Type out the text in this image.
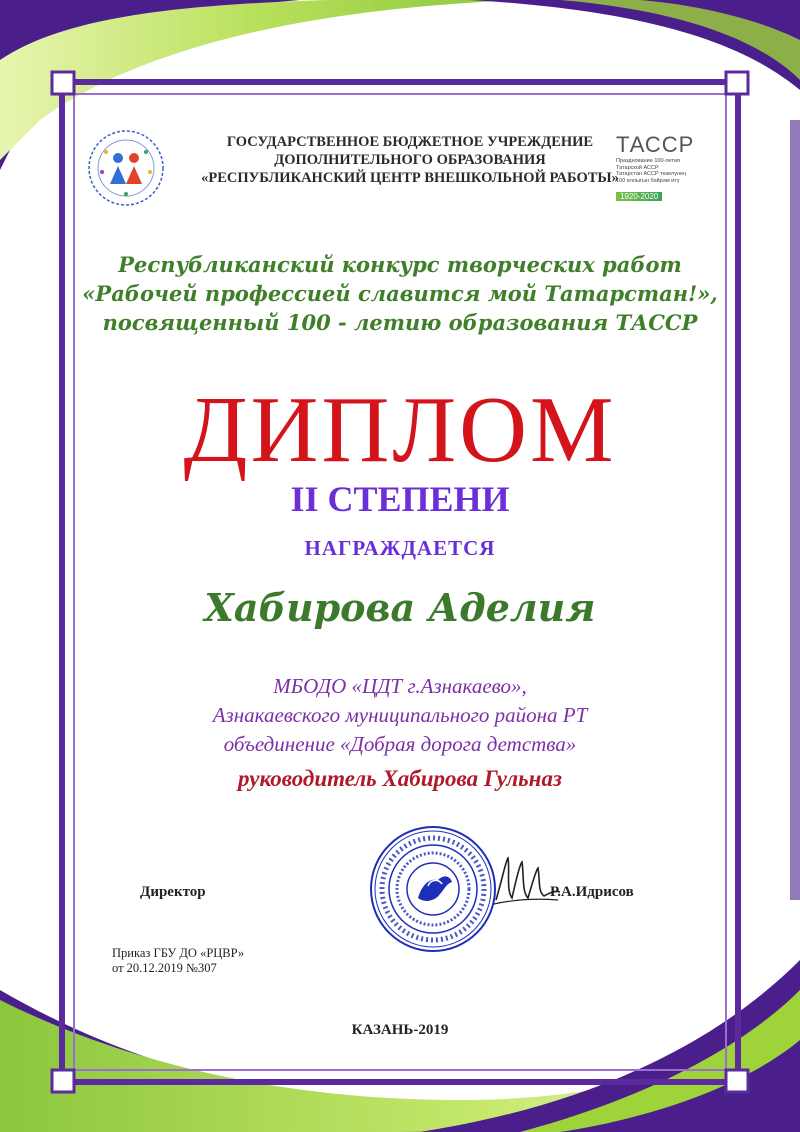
ГОСУДАРСТВЕННОЕ БЮДЖЕТНОЕ УЧРЕЖДЕНИЕ
ДОПОЛНИТЕЛЬНОГО ОБРАЗОВАНИЯ
«РЕСПУБЛИКАНСКИЙ ЦЕНТР ВНЕШКОЛЬНОЙ РАБОТЫ»
ТАССР
Празднование 100-летия
Татарской АССР
Татарстан АССР төзелүнең
100 еллыгын бәйрәм итү
1920-2020
Республиканский конкурс творческих работ
«Рабочей профессией славится мой Татарстан!»,
посвященный 100 - летию образования ТАССР
ДИПЛОМ
II СТЕПЕНИ
НАГРАЖДАЕТСЯ
Хабирова Аделия
МБОДО «ЦДТ г.Азнакаево»,
Азнакаевского муниципального района РТ
объединение «Добрая дорога детства»
руководитель Хабирова Гульназ
Директор	Р.А.Идрисов
Приказ ГБУ ДО «РЦВР»
от 20.12.2019 №307
КАЗАНЬ-2019
